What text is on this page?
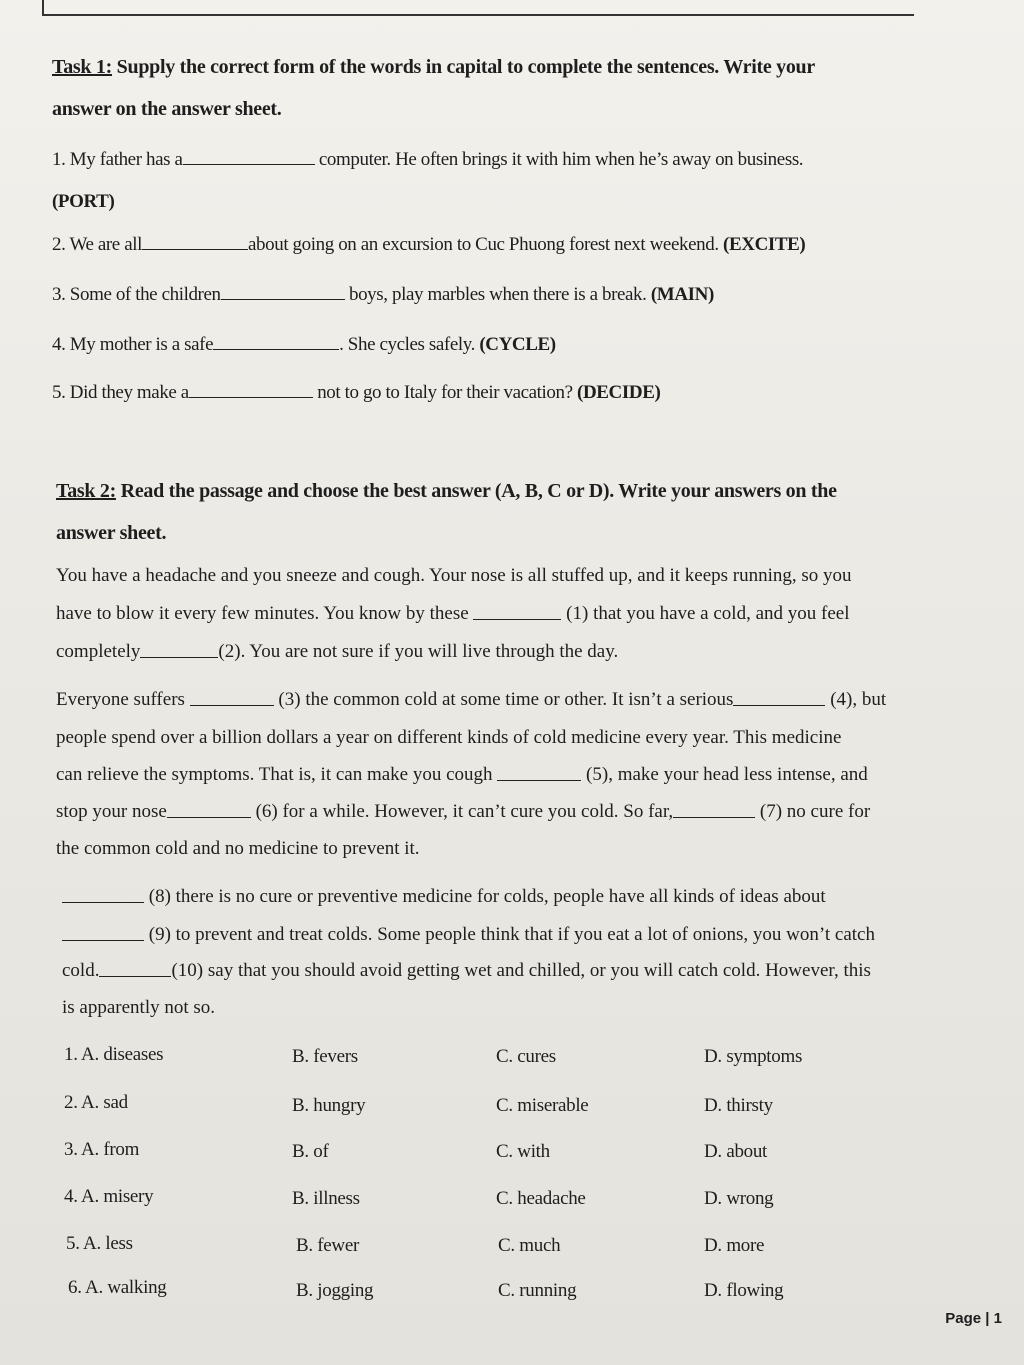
Task 1: Supply the correct form of the words in capital to complete the sentences. Write your
answer on the answer sheet.
1. My father has a	computer. He often brings it with him when he’s away on business.
(PORT)
2. We are all	about going on an excursion to Cuc Phuong forest next weekend. (EXCITE)
3. Some of the children	boys, play marbles when there is a break. (MAIN)
4. My mother is a safe	. She cycles safely. (CYCLE)
5. Did they make a	not to go to Italy for their vacation? (DECIDE)
Task 2: Read the passage and choose the best answer (A, B, C or D). Write your answers on the
answer sheet.
You have a headache and you sneeze and cough. Your nose is all stuffed up, and it keeps running, so you
have to blow it every few minutes. You know by these

	(1) that you have a cold, and you feel
completely	(2). You are not sure if you will live through the day.
Everyone suffers

	(3) the common cold at some time or other. It isn’t a serious
	(4), but
people spend over a billion dollars a year on different kinds of cold medicine every year. This medicine
can relieve the symptoms. That is, it can make you cough

	(5), make your head less intense, and
stop your nose
	(6) for a while. However, it can’t cure you cold. So far,
	(7) no cure for
the common cold and no medicine to prevent it.

(8) there is no cure or preventive medicine for colds, people have all kinds of ideas about

(9) to prevent and treat colds. Some people think that if you eat a lot of onions, you won’t catch
cold.	(10) say that you should avoid getting wet and chilled, or you will catch cold. However, this
is apparently not so.
1. A. diseases	B. fevers	C. cures	D. symptoms
2. A. sad	B. hungry	C. miserable	D. thirsty
3. A. from	B. of	C. with	D. about
4. A. misery	B. illness	C. headache	D. wrong
5. A. less	B. fewer	C. much	D. more
6. A. walking	B. jogging	C. running	D. flowing
Page | 1
